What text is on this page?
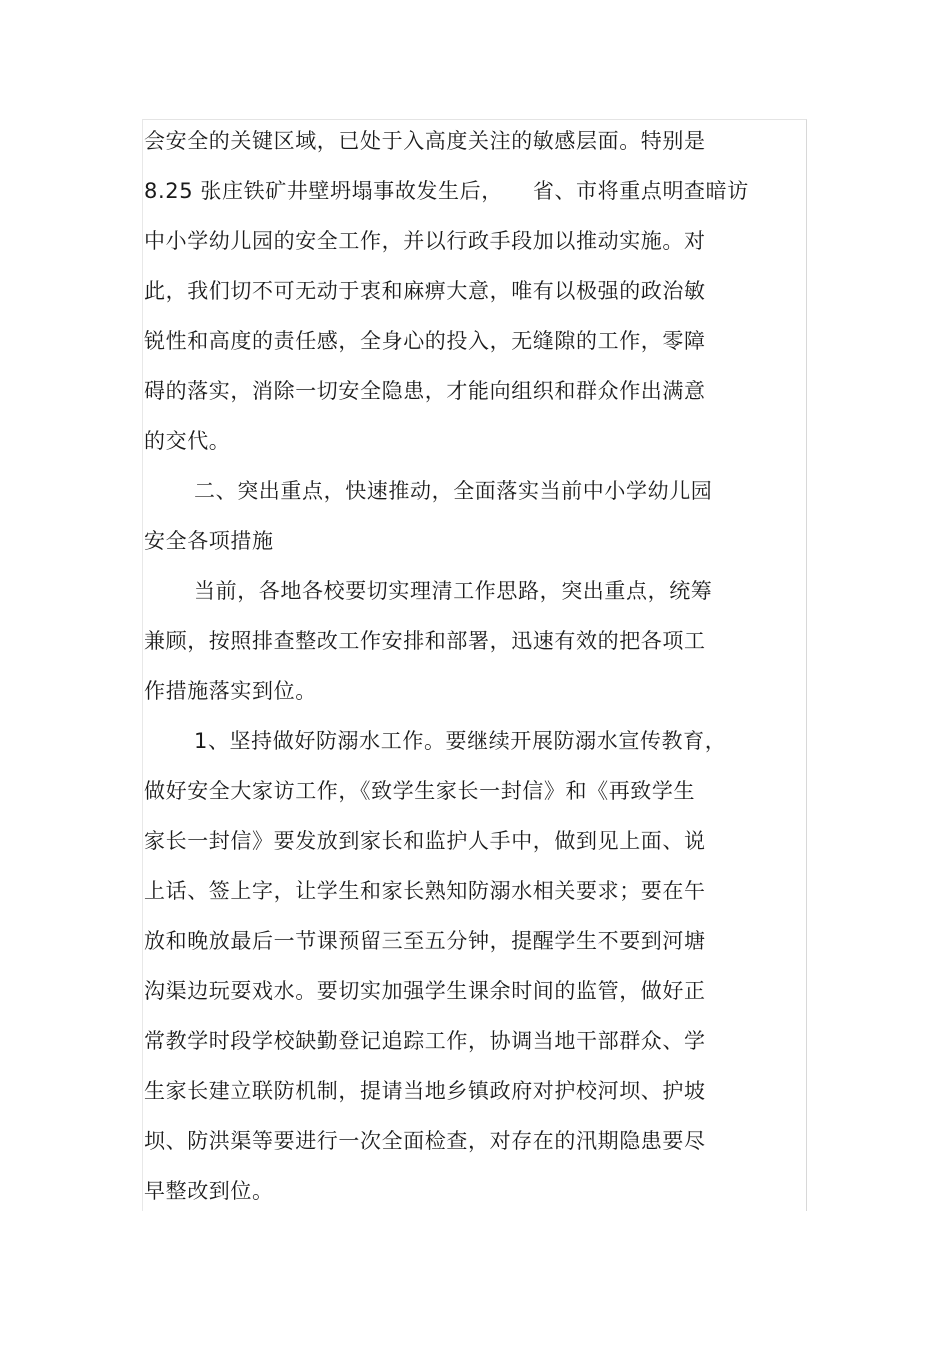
会安全的关键区域，已处于入高度关注的敏感层面。特别是
8.25 张庄铁矿井壁坍塌事故发生后， 省、市将重点明查暗访
中小学幼儿园的安全工作，并以行政手段加以推动实施。对
此，我们切不可无动于衷和麻痹大意，唯有以极强的政治敏
锐性和高度的责任感，全身心的投入，无缝隙的工作，零障
碍的落实，消除一切安全隐患，才能向组织和群众作出满意
的交代。
二、突出重点，快速推动，全面落实当前中小学幼儿园
安全各项措施
当前，各地各校要切实理清工作思路，突出重点，统筹
兼顾，按照排查整改工作安排和部署，迅速有效的把各项工
作措施落实到位。
1、坚持做好防溺水工作。要继续开展防溺水宣传教育，
做好安全大家访工作，《致学生家长一封信》和《再致学生
家长一封信》要发放到家长和监护人手中，做到见上面、说
上话、签上字，让学生和家长熟知防溺水相关要求；要在午
放和晚放最后一节课预留三至五分钟，提醒学生不要到河塘
沟渠边玩耍戏水。要切实加强学生课余时间的监管，做好正
常教学时段学校缺勤登记追踪工作，协调当地干部群众、学
生家长建立联防机制，提请当地乡镇政府对护校河坝、护坡
坝、防洪渠等要进行一次全面检查，对存在的汛期隐患要尽
早整改到位。
